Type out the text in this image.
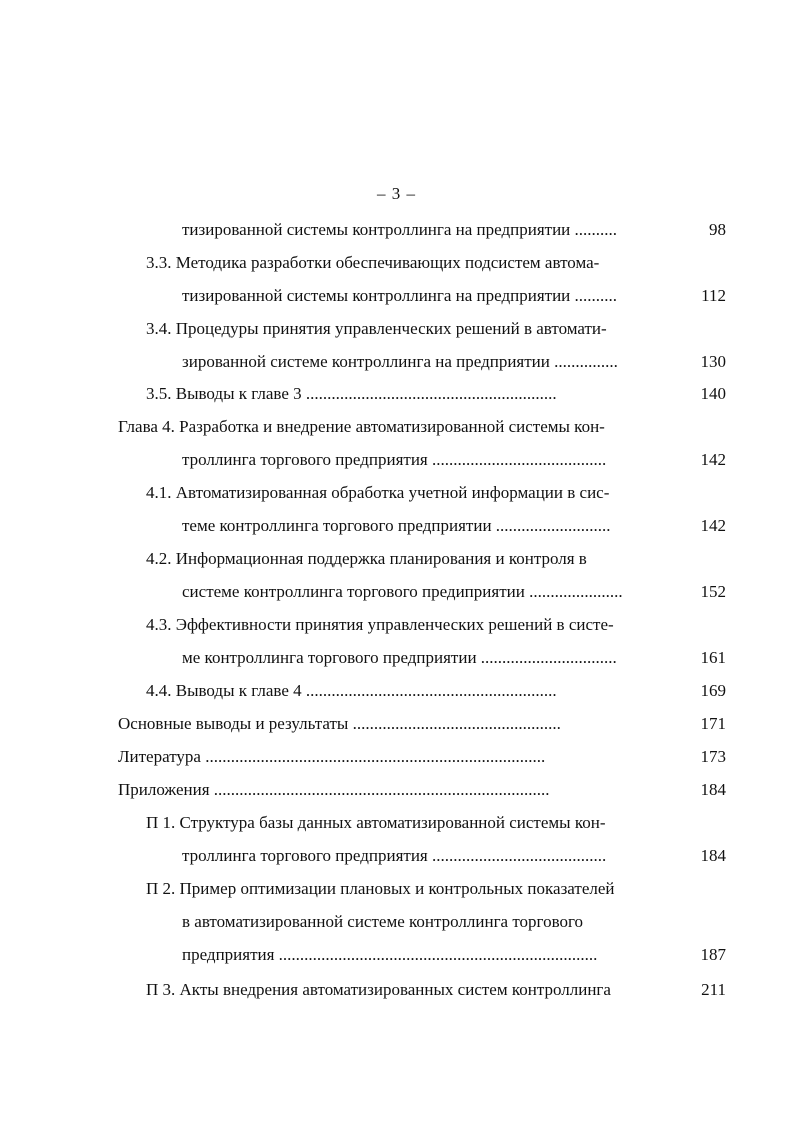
– 3 –
тизированной системы контроллинга на предприятии ..........	98
3.3. Методика разработки обеспечивающих подсистем автома-
тизированной системы контроллинга на предприятии ..........	112
3.4. Процедуры принятия управленческих решений в автомати-
зированной системе контроллинга на предприятии ...............	130
3.5. Выводы к главе 3 ...........................................................	140
Глава 4. Разработка и внедрение автоматизированной системы кон-
троллинга торгового предприятия .........................................	142
4.1. Автоматизированная обработка учетной информации в сис-
теме контроллинга торгового предприятии ...........................	142
4.2. Информационная поддержка планирования и контроля в
системе контроллинга торгового предиприятии ......................	152
4.3. Эффективности принятия управленческих решений в систе-
ме контроллинга торгового предприятии ................................	161
4.4. Выводы к главе 4 ...........................................................	169
Основные выводы и результаты .................................................	171
Литература ................................................................................	173
Приложения ...............................................................................	184
П 1. Структура базы данных автоматизированной системы кон-
троллинга торгового предприятия .........................................	184
П 2. Пример оптимизации плановых и контрольных показателей
в автоматизированной системе контроллинга торгового
предприятия ...........................................................................	187
П 3. Акты внедрения автоматизированных систем контроллинга	211
